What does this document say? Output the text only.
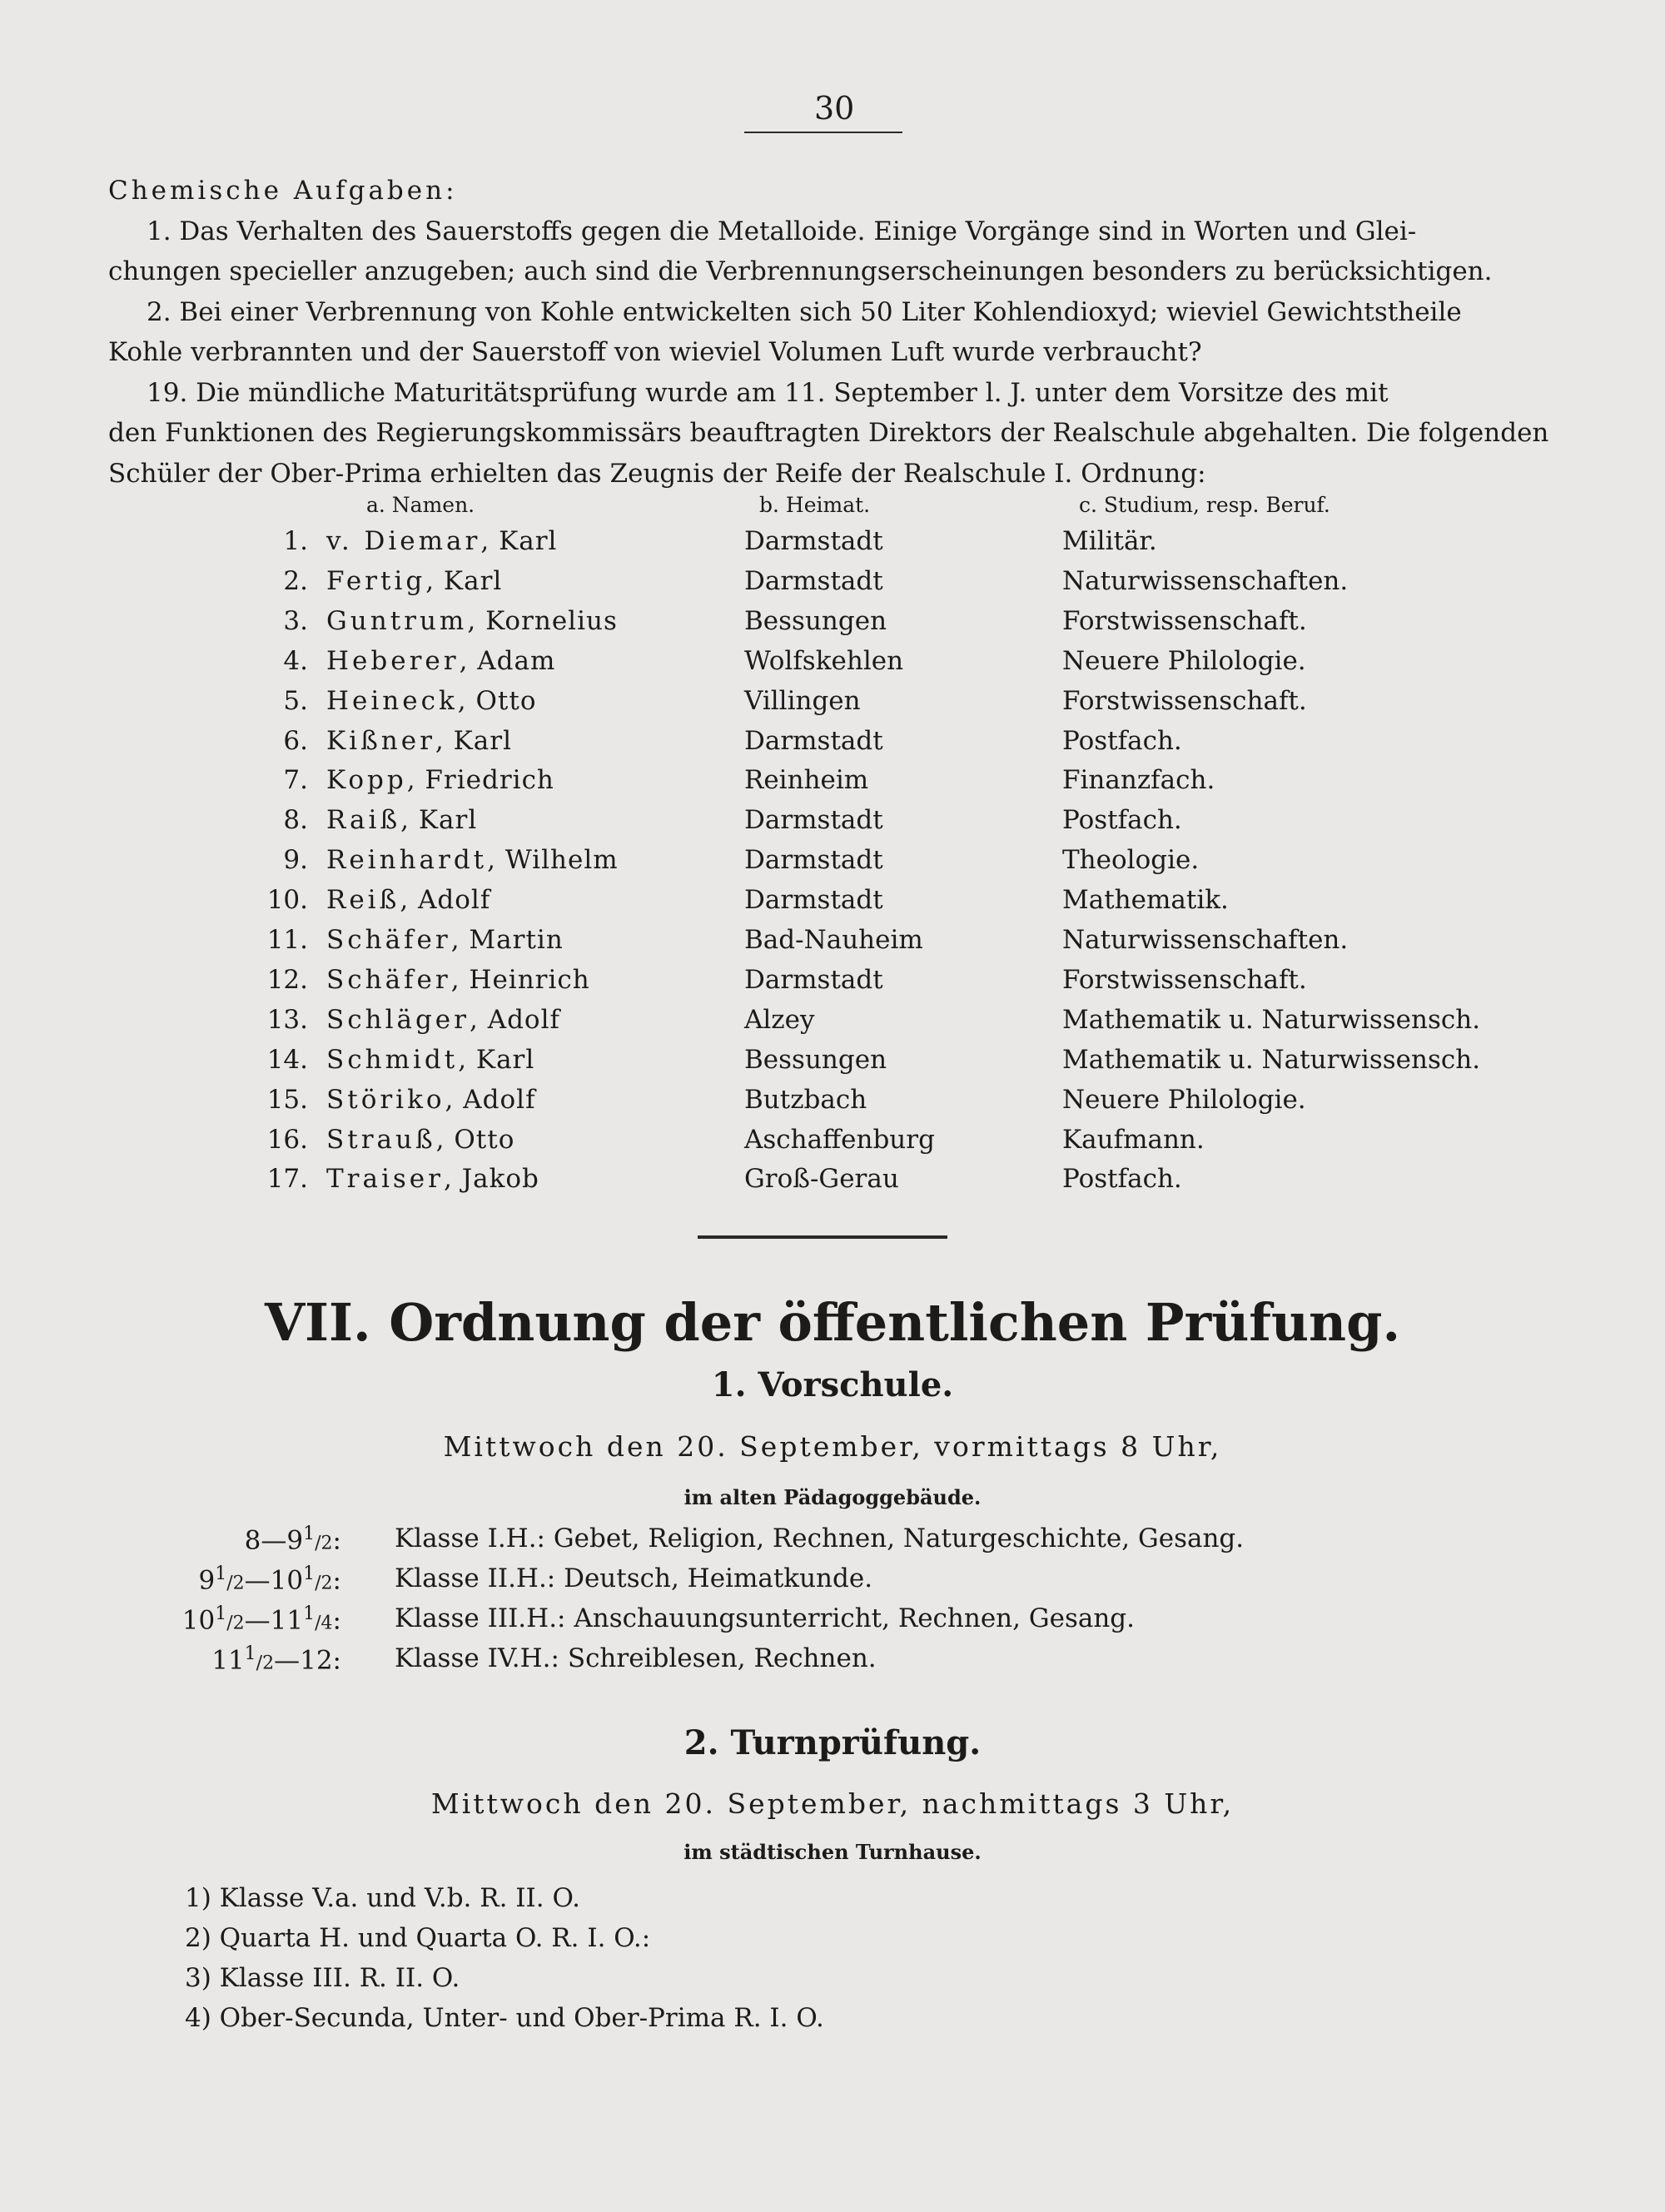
30
Chemische Aufgaben:
1. Das Verhalten des Sauerstoffs gegen die Metalloide. Einige Vorgänge sind in Worten und Glei-
chungen specieller anzugeben; auch sind die Verbrennungserscheinungen besonders zu berücksichtigen.
2. Bei einer Verbrennung von Kohle entwickelten sich 50 Liter Kohlendioxyd; wieviel Gewichtstheile
Kohle verbrannten und der Sauerstoff von wieviel Volumen Luft wurde verbraucht?
19. Die mündliche Maturitätsprüfung wurde am 11. September l. J. unter dem Vorsitze des mit
den Funktionen des Regierungskommissärs beauftragten Direktors der Realschule abgehalten. Die folgenden
Schüler der Ober-Prima erhielten das Zeugnis der Reife der Realschule I. Ordnung:
a. Namen.	b. Heimat.	c. Studium, resp. Beruf.
1. v. Diemar, Karl	Darmstadt	Militär.
2. Fertig, Karl	Darmstadt	Naturwissenschaften.
3. Guntrum, Kornelius	Bessungen	Forstwissenschaft.
4. Heberer, Adam	Wolfskehlen	Neuere Philologie.
5. Heineck, Otto	Villingen	Forstwissenschaft.
6. Kißner, Karl	Darmstadt	Postfach.
7. Kopp, Friedrich	Reinheim	Finanzfach.
8. Raiß, Karl	Darmstadt	Postfach.
9. Reinhardt, Wilhelm	Darmstadt	Theologie.
10. Reiß, Adolf	Darmstadt	Mathematik.
11. Schäfer, Martin	Bad-Nauheim	Naturwissenschaften.
12. Schäfer, Heinrich	Darmstadt	Forstwissenschaft.
13. Schläger, Adolf	Alzey	Mathematik u. Naturwissensch.
14. Schmidt, Karl	Bessungen	Mathematik u. Naturwissensch.
15. Störiko, Adolf	Butzbach	Neuere Philologie.
16. Strauß, Otto	Aschaffenburg	Kaufmann.
17. Traiser, Jakob	Groß-Gerau	Postfach.
VII. Ordnung der öffentlichen Prüfung.
1. Vorschule.
Mittwoch den 20. September, vormittags 8 Uhr,
im alten Pädagoggebäude.
$8—9^1/2$: Klasse I.H.: Gebet, Religion, Rechnen, Naturgeschichte, Gesang.
$9^1/2—10^1/2$: Klasse II.H.: Deutsch, Heimatkunde.
$10^1/2—11^1/4$: Klasse III.H.: Anschauungsunterricht, Rechnen, Gesang.
$11^1/2—12$: Klasse IV.H.: Schreiblesen, Rechnen.
2. Turnprüfung.
Mittwoch den 20. September, nachmittags 3 Uhr,
im städtischen Turnhause.
1) Klasse V.a. und V.b. R. II. O.
2) Quarta H. und Quarta O. R. I. O.:
3) Klasse III. R. II. O.
4) Ober-Secunda, Unter- und Ober-Prima R. I. O.
